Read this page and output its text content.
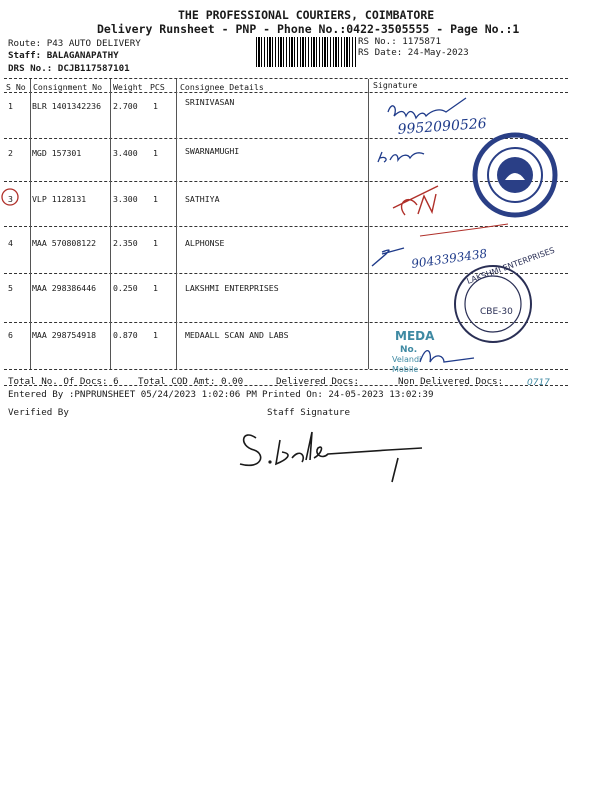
THE PROFESSIONAL COURIERS, COIMBATORE
Delivery Runsheet - PNP - Phone No.:0422-3505555 - Page No.:1
Route: P43 AUTO DELIVERY
Staff: BALAGANAPATHY
DRS No.: DCJB117587101
RS No.: 1175871
RS Date: 24-May-2023
S No Consignment No Weight PCS Consignee Details	Signature
1 BLR 1401342236 2.700 1	SRINIVASAN
2 MGD 157301	3.400 1	SWARNAMUGHI
3 VLP 1128131	3.300 1	SATHIYA
4 MAA 570808122 2.350 1	ALPHONSE
5 MAA 298386446 0.250 1	LAKSHMI ENTERPRISES
6 MAA 298754918 0.870 1	MEDAALL SCAN AND LABS
Total No. Of Docs: 6 Total COD Amt: 0.00	Delivered Docs:	Non Delivered Docs:
Entered By :PNPRUNSHEET 05/24/2023 1:02:06 PM Printed On: 24-05-2023 13:02:39
Verified By	Staff Signature
9952090526
9043393438
LAKSHMI ENTERPRISES
CBE-30
MEDA
No.
Velandi
Mobile
0717
